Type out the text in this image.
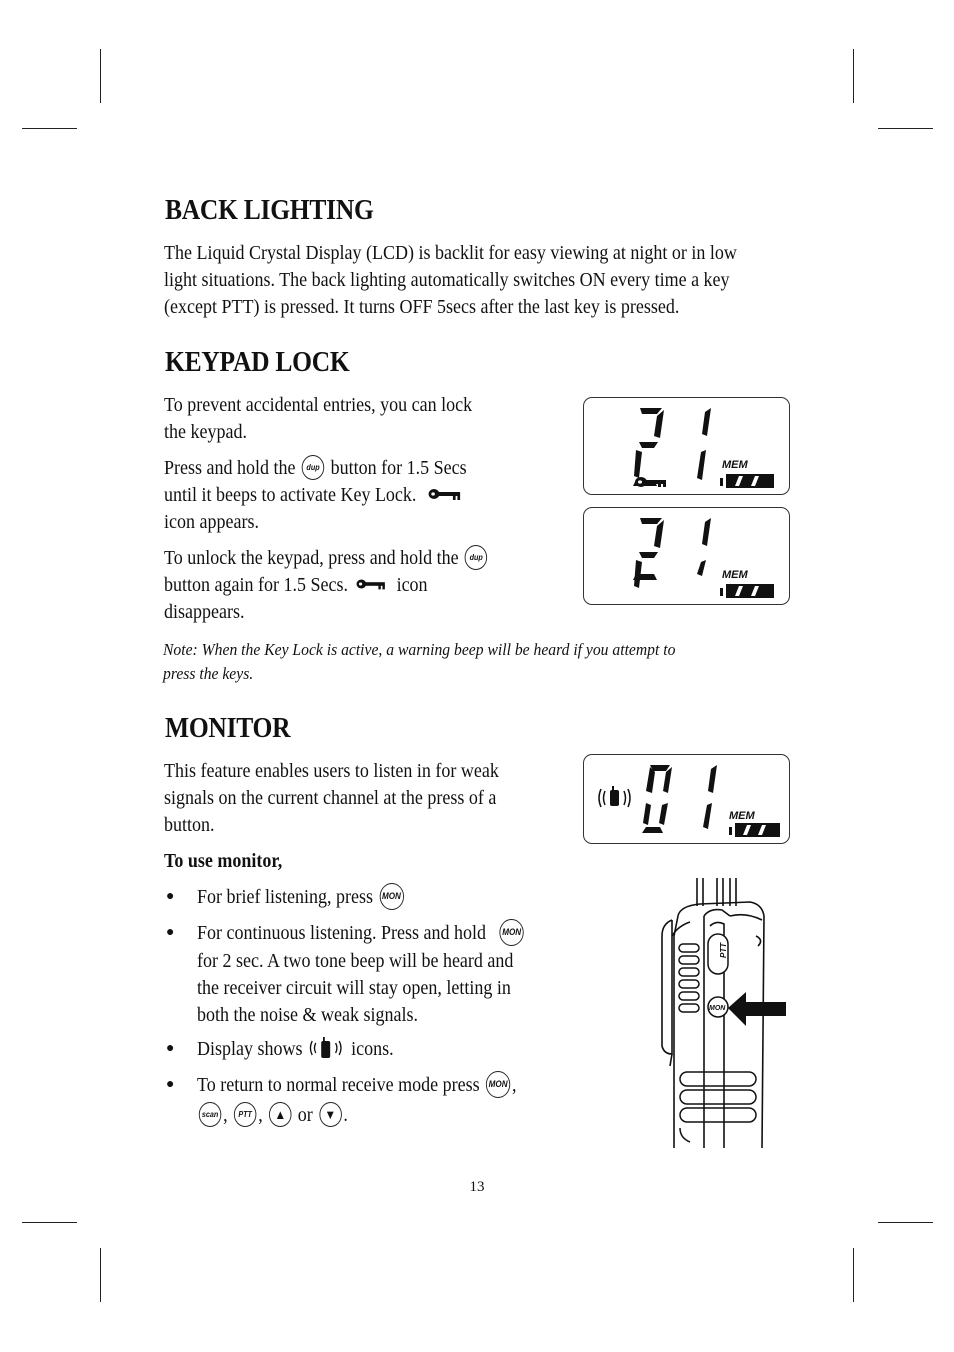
BACK LIGHTING
The Liquid Crystal Display (LCD) is backlit for easy viewing at night or in low
light situations. The back lighting automatically switches ON every time a key
(except PTT) is pressed. It turns OFF 5secs after the last key is pressed.
KEYPAD LOCK
To prevent accidental entries, you can lock
the keypad.
Press and hold the dup button for 1.5 Secs
until it beeps to activate Key Lock.
icon appears.
To unlock the keypad, press and hold the dup
button again for 1.5 Secs. icon
disappears.
Note: When the Key Lock is active, a warning beep will be heard if you attempt to
press the keys.
MEM
MEM
MONITOR
This feature enables users to listen in for weak
signals on the current channel at the press of a
button.
To use monitor,
● For brief listening, press MON
● For continuous listening. Press and hold MON
for 2 sec. A two tone beep will be heard and
the receiver circuit will stay open, letting in
both the noise & weak signals.
● Display shows icons.
● To return to normal receive mode press MON ,
scan , PTT , ▲ or ▼ .
MEM
PTT
MON
13
